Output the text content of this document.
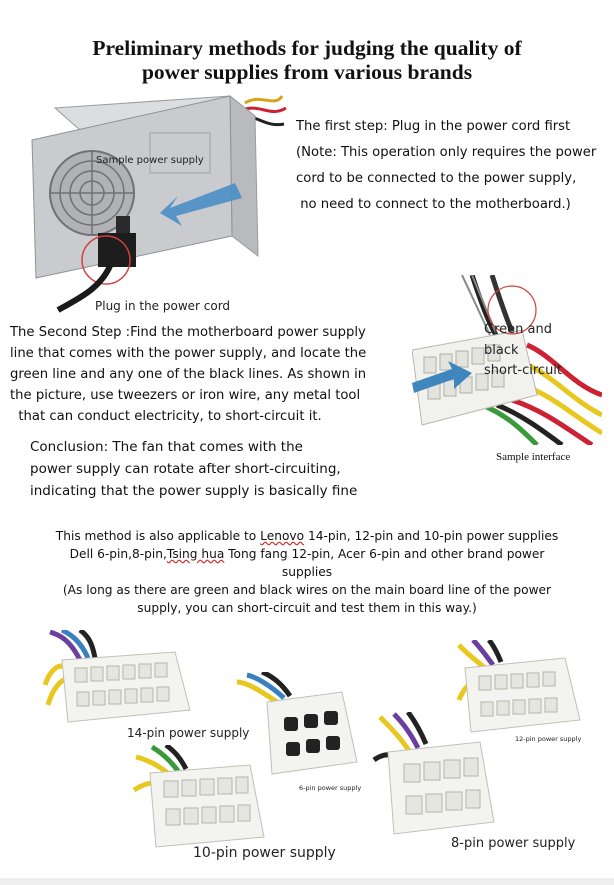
Preliminary methods for judging the quality of
power supplies from various brands
Sample power supply
Plug in the power cord
The first step: Plug in the power cord first
(Note: This operation only requires the power
cord to be connected to the power supply,
no need to connect to the motherboard.)
Green and
black
short-circuit
Sample interface
The Second Step :Find the motherboard power supply
line that comes with the power supply, and locate the
green line and any one of the black lines. As shown in
the picture, use tweezers or iron wire, any metal tool
that can conduct electricity, to short-circuit it.
Conclusion: The fan that comes with the
power supply can rotate after short-circuiting,
indicating that the power supply is basically fine
This method is also applicable to Lenovo 14-pin, 12-pin and 10-pin power supplies
Dell 6-pin,8-pin,Tsing hua Tong fang 12-pin, Acer 6-pin and other brand power
supplies
(As long as there are green and black wires on the main board line of the power
supply, you can short-circuit and test them in this way.)
14-pin power supply
6-pin power supply
12-pin power supply
10-pin power supply
8-pin power supply
